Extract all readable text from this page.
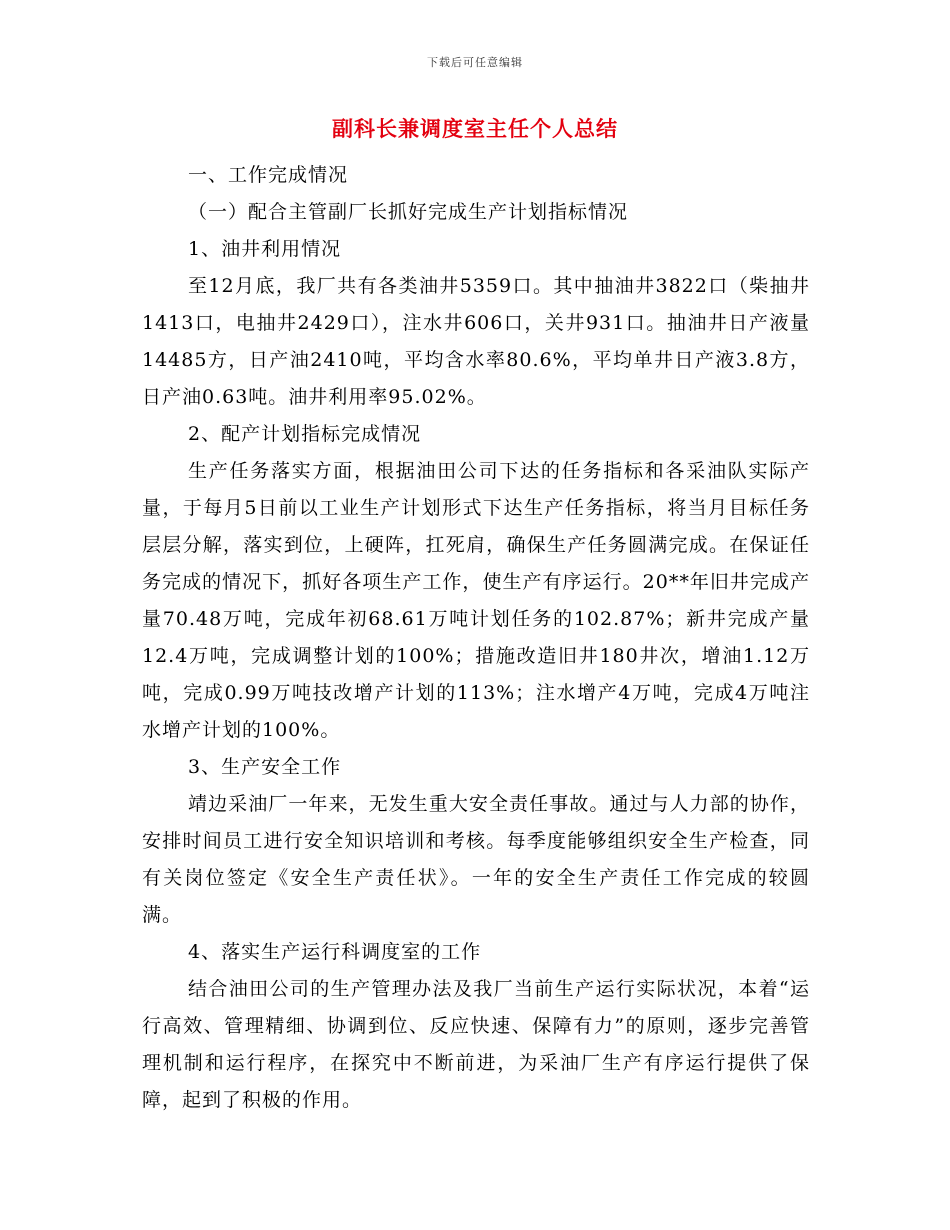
下载后可任意编辑
副科长兼调度室主任个人总结

一、工作完成情况

（一）配合主管副厂长抓好完成生产计划指标情况

1、油井利用情况

至12月底，我厂共有各类油井5359口。其中抽油井3822口（柴抽井1413口，电抽井2429口），注水井606口，关井931口。抽油井日产液量14485方，日产油2410吨，平均含水率80.6%，平均单井日产液3.8方，日产油0.63吨。油井利用率95.02%。

2、配产计划指标完成情况

生产任务落实方面，根据油田公司下达的任务指标和各采油队实际产量，于每月5日前以工业生产计划形式下达生产任务指标，将当月目标任务层层分解，落实到位，上硬阵，扛死肩，确保生产任务圆满完成。在保证任务完成的情况下，抓好各项生产工作，使生产有序运行。20**年旧井完成产量70.48万吨，完成年初68.61万吨计划任务的102.87%；新井完成产量12.4万吨，完成调整计划的100%；措施改造旧井180井次，增油1.12万吨，完成0.99万吨技改增产计划的113%；注水增产4万吨，完成4万吨注水增产计划的100%。

3、生产安全工作

靖边采油厂一年来，无发生重大安全责任事故。通过与人力部的协作，安排时间员工进行安全知识培训和考核。每季度能够组织安全生产检查，同有关岗位签定《安全生产责任状》。一年的安全生产责任工作完成的较圆满。

4、落实生产运行科调度室的工作

结合油田公司的生产管理办法及我厂当前生产运行实际状况，本着“运行高效、管理精细、协调到位、反应快速、保障有力”的原则，逐步完善管理机制和运行程序，在探究中不断前进，为采油厂生产有序运行提供了保障，起到了积极的作用。
